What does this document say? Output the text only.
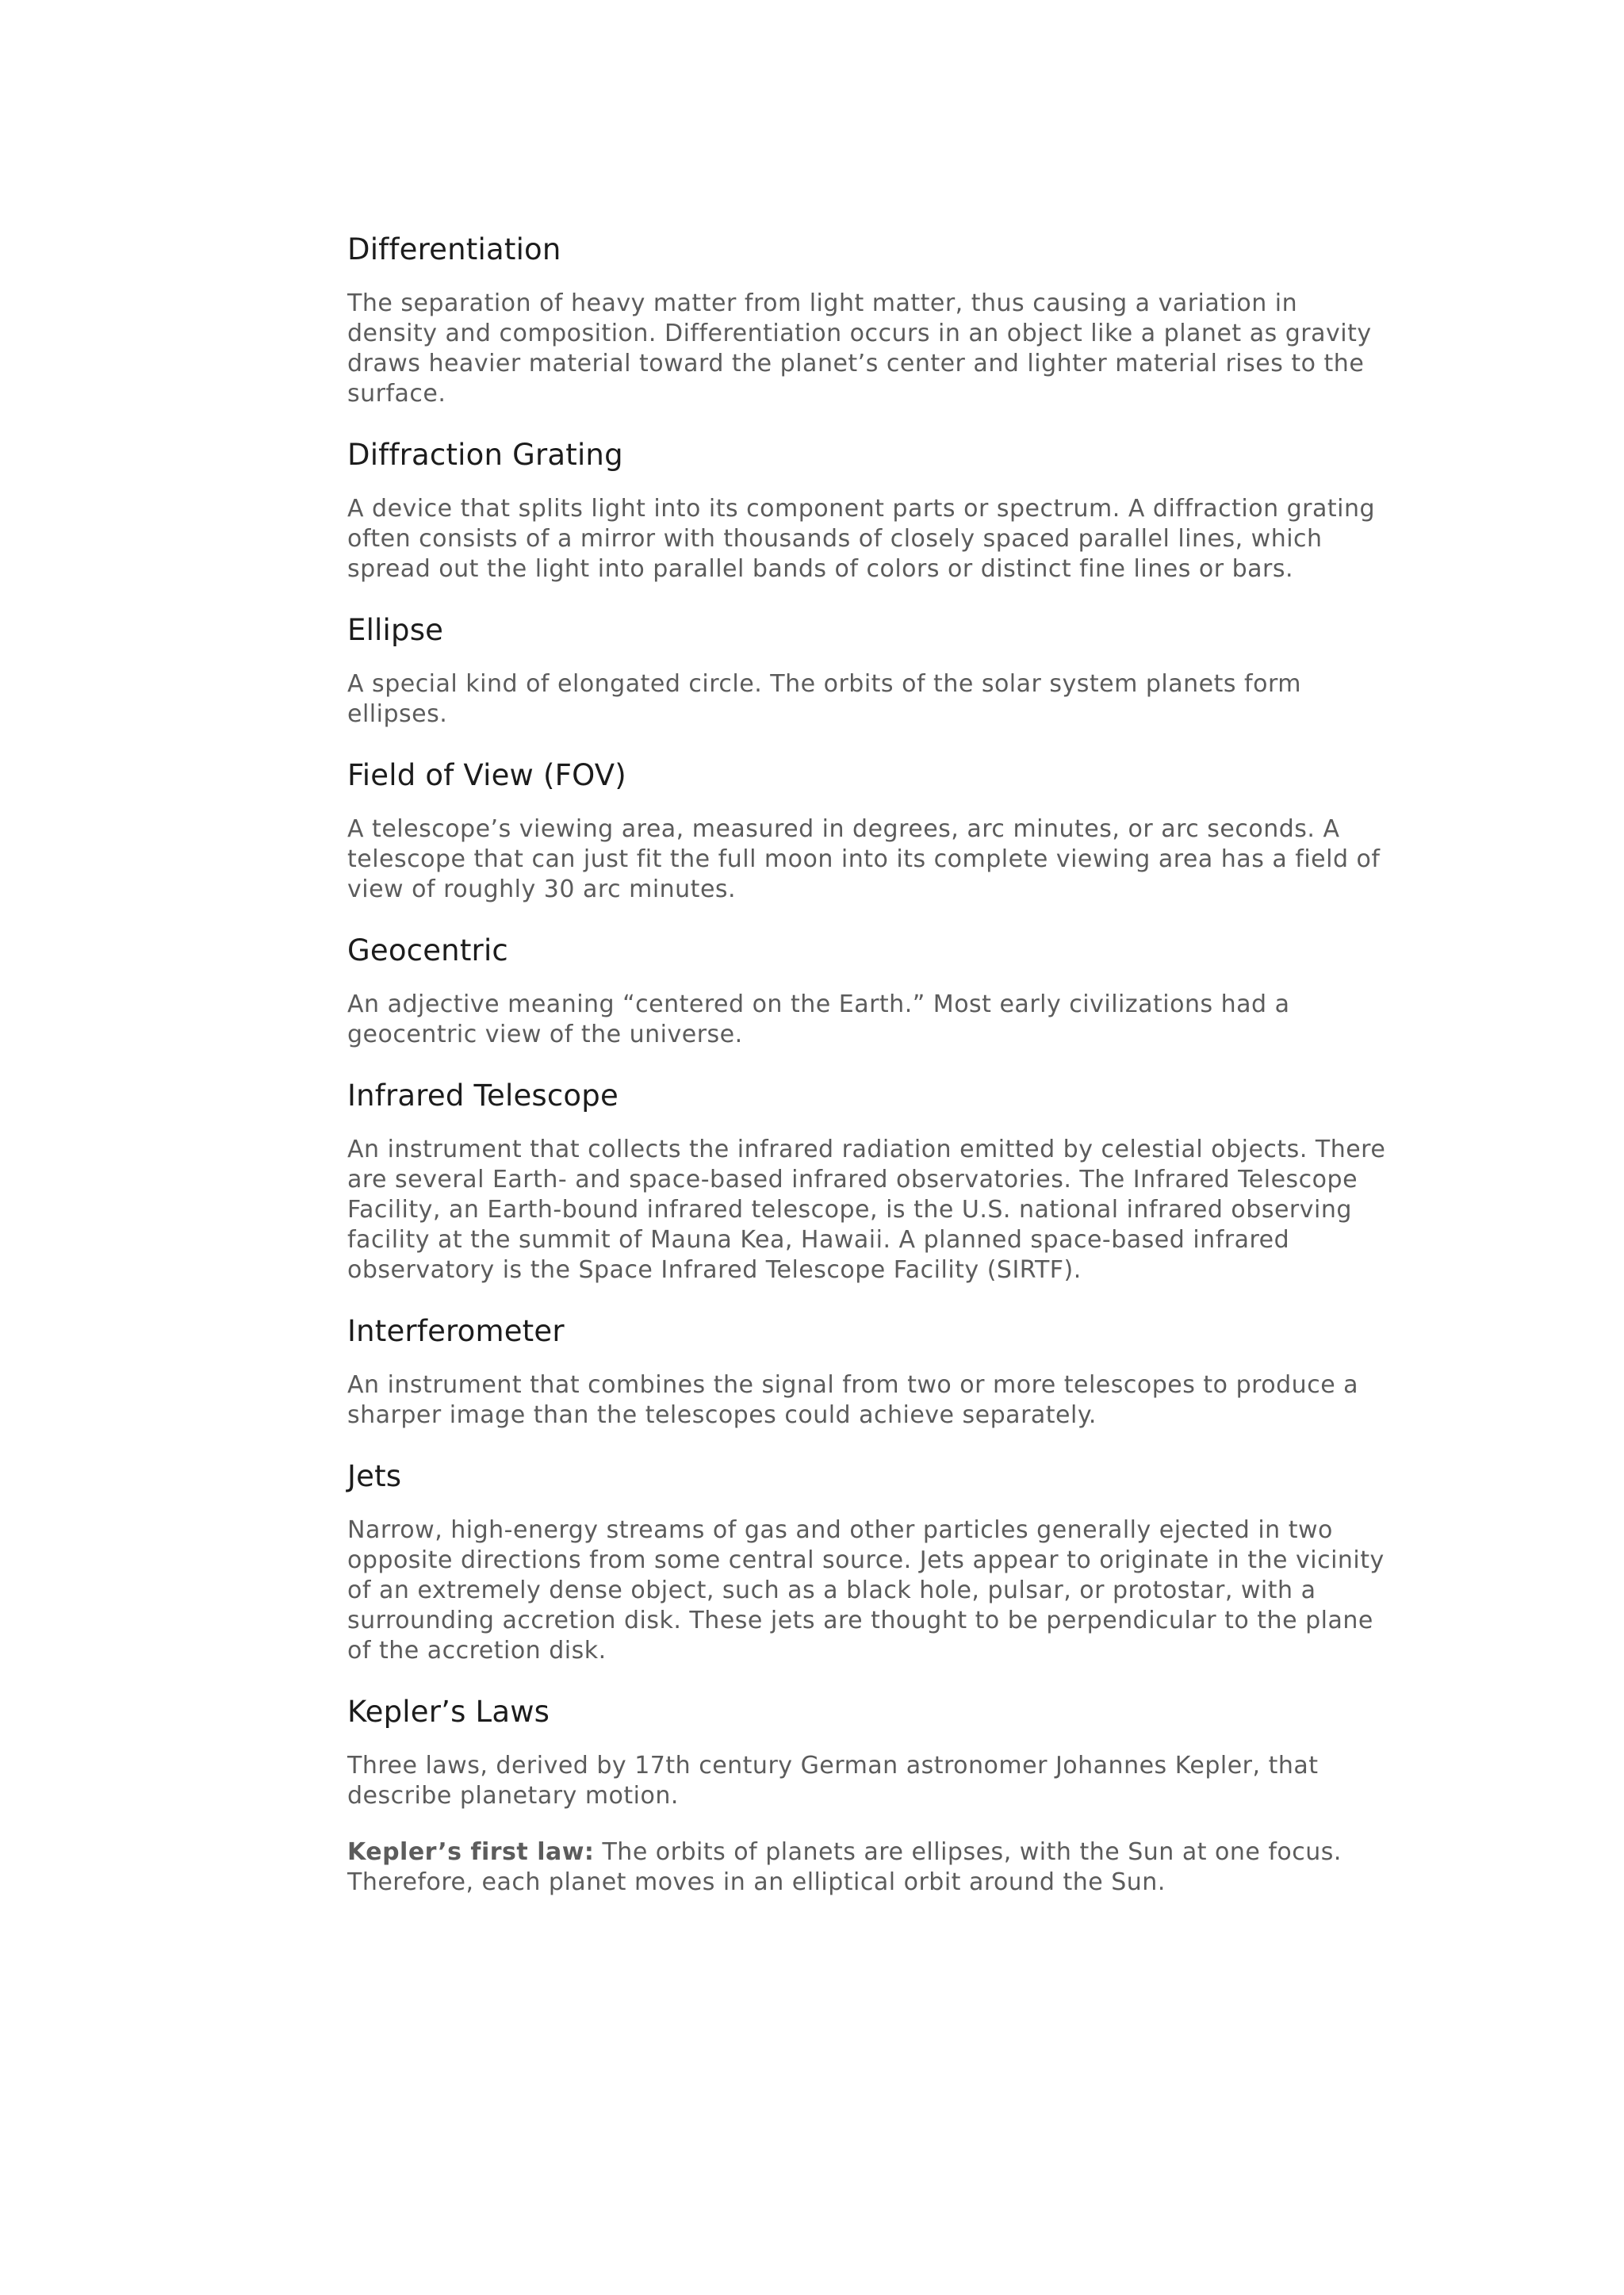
Differentiation

The separation of heavy matter from light matter, thus causing a variation in
density and composition. Differentiation occurs in an object like a planet as gravity
draws heavier material toward the planet’s center and lighter material rises to the
surface.

Diffraction Grating

A device that splits light into its component parts or spectrum. A diffraction grating
often consists of a mirror with thousands of closely spaced parallel lines, which
spread out the light into parallel bands of colors or distinct fine lines or bars.

Ellipse

A special kind of elongated circle. The orbits of the solar system planets form
ellipses.

Field of View (FOV)

A telescope’s viewing area, measured in degrees, arc minutes, or arc seconds. A
telescope that can just fit the full moon into its complete viewing area has a field of
view of roughly 30 arc minutes.

Geocentric

An adjective meaning “centered on the Earth.” Most early civilizations had a
geocentric view of the universe.

Infrared Telescope

An instrument that collects the infrared radiation emitted by celestial objects. There
are several Earth- and space-based infrared observatories. The Infrared Telescope
Facility, an Earth-bound infrared telescope, is the U.S. national infrared observing
facility at the summit of Mauna Kea, Hawaii. A planned space-based infrared
observatory is the Space Infrared Telescope Facility (SIRTF).

Interferometer

An instrument that combines the signal from two or more telescopes to produce a
sharper image than the telescopes could achieve separately.

Jets

Narrow, high-energy streams of gas and other particles generally ejected in two
opposite directions from some central source. Jets appear to originate in the vicinity
of an extremely dense object, such as a black hole, pulsar, or protostar, with a
surrounding accretion disk. These jets are thought to be perpendicular to the plane
of the accretion disk.

Kepler’s Laws

Three laws, derived by 17th century German astronomer Johannes Kepler, that
describe planetary motion.

Kepler’s first law: The orbits of planets are ellipses, with the Sun at one focus.
Therefore, each planet moves in an elliptical orbit around the Sun.
